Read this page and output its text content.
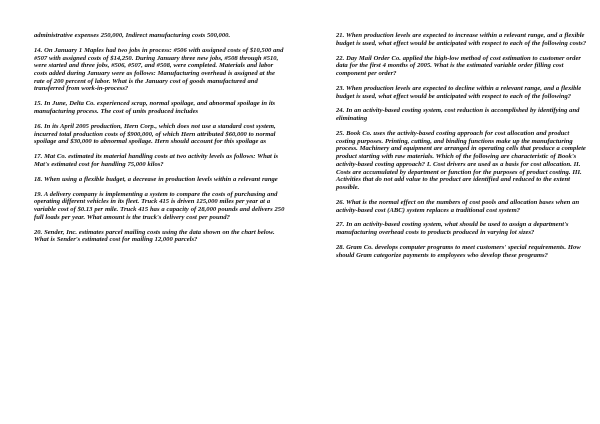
administrative expenses 250,000, Indirect manufacturing costs 500,000.

14. On January 1 Maples had two jobs in process: #506 with assigned costs of $10,500 and #507 with assigned costs of $14,250. During January three new jobs, #508 through #510, were started and three jobs, #506, #507, and #508, were completed. Materials and labor costs added during January were as follows: Manufacturing overhead is assigned at the rate of 200 percent of labor. What is the January cost of goods manufactured and transferred from work-in-process?

15. In June, Delta Co. experienced scrap, normal spoilage, and abnormal spoilage in its manufacturing process. The cost of units produced includes

16. In its April 2005 production, Hern Corp., which does not use a standard cost system, incurred total production costs of $900,000, of which Hern attributed $60,000 to normal spoilage and $30,000 to abnormal spoilage. Hern should account for this spoilage as

17. Mat Co. estimated its material handling costs at two activity levels as follows: What is Mat's estimated cost for handling 75,000 kilos?

18. When using a flexible budget, a decrease in production levels within a relevant range

19. A delivery company is implementing a system to compare the costs of purchasing and operating different vehicles in its fleet. Truck 415 is driven 125,000 miles per year at a variable cost of $0.13 per mile. Truck 415 has a capacity of 28,000 pounds and delivers 250 full loads per year. What amount is the truck's delivery cost per pound?

20. Sender, Inc. estimates parcel mailing costs using the data shown on the chart below. What is Sender's estimated cost for mailing 12,000 parcels?

21. When production levels are expected to increase within a relevant range, and a flexible budget is used, what effect would be anticipated with respect to each of the following costs?

22. Day Mail Order Co. applied the high-low method of cost estimation to customer order data for the first 4 months of 2005. What is the estimated variable order filling cost component per order?

23. When production levels are expected to decline within a relevant range, and a flexible budget is used, what effect would be anticipated with respect to each of the following?

24. In an activity-based costing system, cost reduction is accomplished by identifying and eliminating

25. Book Co. uses the activity-based costing approach for cost allocation and product costing purposes. Printing, cutting, and binding functions make up the manufacturing process. Machinery and equipment are arranged in operating cells that produce a complete product starting with raw materials. Which of the following are characteristic of Book's activity-based costing approach? I. Cost drivers are used as a basis for cost allocation. II. Costs are accumulated by department or function for the purposes of product costing. III. Activities that do not add value to the product are identified and reduced to the extent possible.

26. What is the normal effect on the numbers of cost pools and allocation bases when an activity-based cost (ABC) system replaces a traditional cost system?

27. In an activity-based costing system, what should be used to assign a department's manufacturing overhead costs to products produced in varying lot sizes?

28. Gram Co. develops computer programs to meet customers' special requirements. How should Gram categorize payments to employees who develop these programs?
